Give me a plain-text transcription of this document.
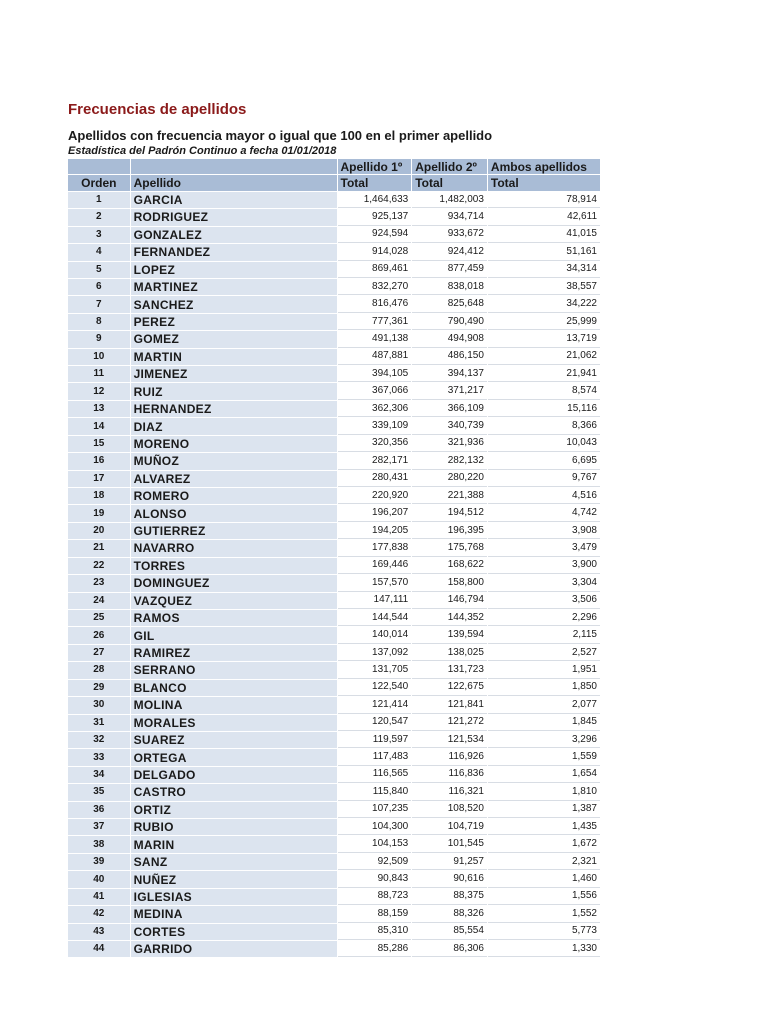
Frecuencias de apellidos
Apellidos con frecuencia mayor o igual que 100 en el primer apellido
Estadística del Padrón Continuo a fecha 01/01/2018
		Apellido 1º	Apellido 2º	Ambos apellidos
Orden	Apellido	Total	Total	Total
1	GARCIA	1,464,633	1,482,003	78,914
2	RODRIGUEZ	925,137	934,714	42,611
3	GONZALEZ	924,594	933,672	41,015
4	FERNANDEZ	914,028	924,412	51,161
5	LOPEZ	869,461	877,459	34,314
6	MARTINEZ	832,270	838,018	38,557
7	SANCHEZ	816,476	825,648	34,222
8	PEREZ	777,361	790,490	25,999
9	GOMEZ	491,138	494,908	13,719
10	MARTIN	487,881	486,150	21,062
11	JIMENEZ	394,105	394,137	21,941
12	RUIZ	367,066	371,217	8,574
13	HERNANDEZ	362,306	366,109	15,116
14	DIAZ	339,109	340,739	8,366
15	MORENO	320,356	321,936	10,043
16	MUÑOZ	282,171	282,132	6,695
17	ALVAREZ	280,431	280,220	9,767
18	ROMERO	220,920	221,388	4,516
19	ALONSO	196,207	194,512	4,742
20	GUTIERREZ	194,205	196,395	3,908
21	NAVARRO	177,838	175,768	3,479
22	TORRES	169,446	168,622	3,900
23	DOMINGUEZ	157,570	158,800	3,304
24	VAZQUEZ	147,111	146,794	3,506
25	RAMOS	144,544	144,352	2,296
26	GIL	140,014	139,594	2,115
27	RAMIREZ	137,092	138,025	2,527
28	SERRANO	131,705	131,723	1,951
29	BLANCO	122,540	122,675	1,850
30	MOLINA	121,414	121,841	2,077
31	MORALES	120,547	121,272	1,845
32	SUAREZ	119,597	121,534	3,296
33	ORTEGA	117,483	116,926	1,559
34	DELGADO	116,565	116,836	1,654
35	CASTRO	115,840	116,321	1,810
36	ORTIZ	107,235	108,520	1,387
37	RUBIO	104,300	104,719	1,435
38	MARIN	104,153	101,545	1,672
39	SANZ	92,509	91,257	2,321
40	NUÑEZ	90,843	90,616	1,460
41	IGLESIAS	88,723	88,375	1,556
42	MEDINA	88,159	88,326	1,552
43	CORTES	85,310	85,554	5,773
44	GARRIDO	85,286	86,306	1,330
